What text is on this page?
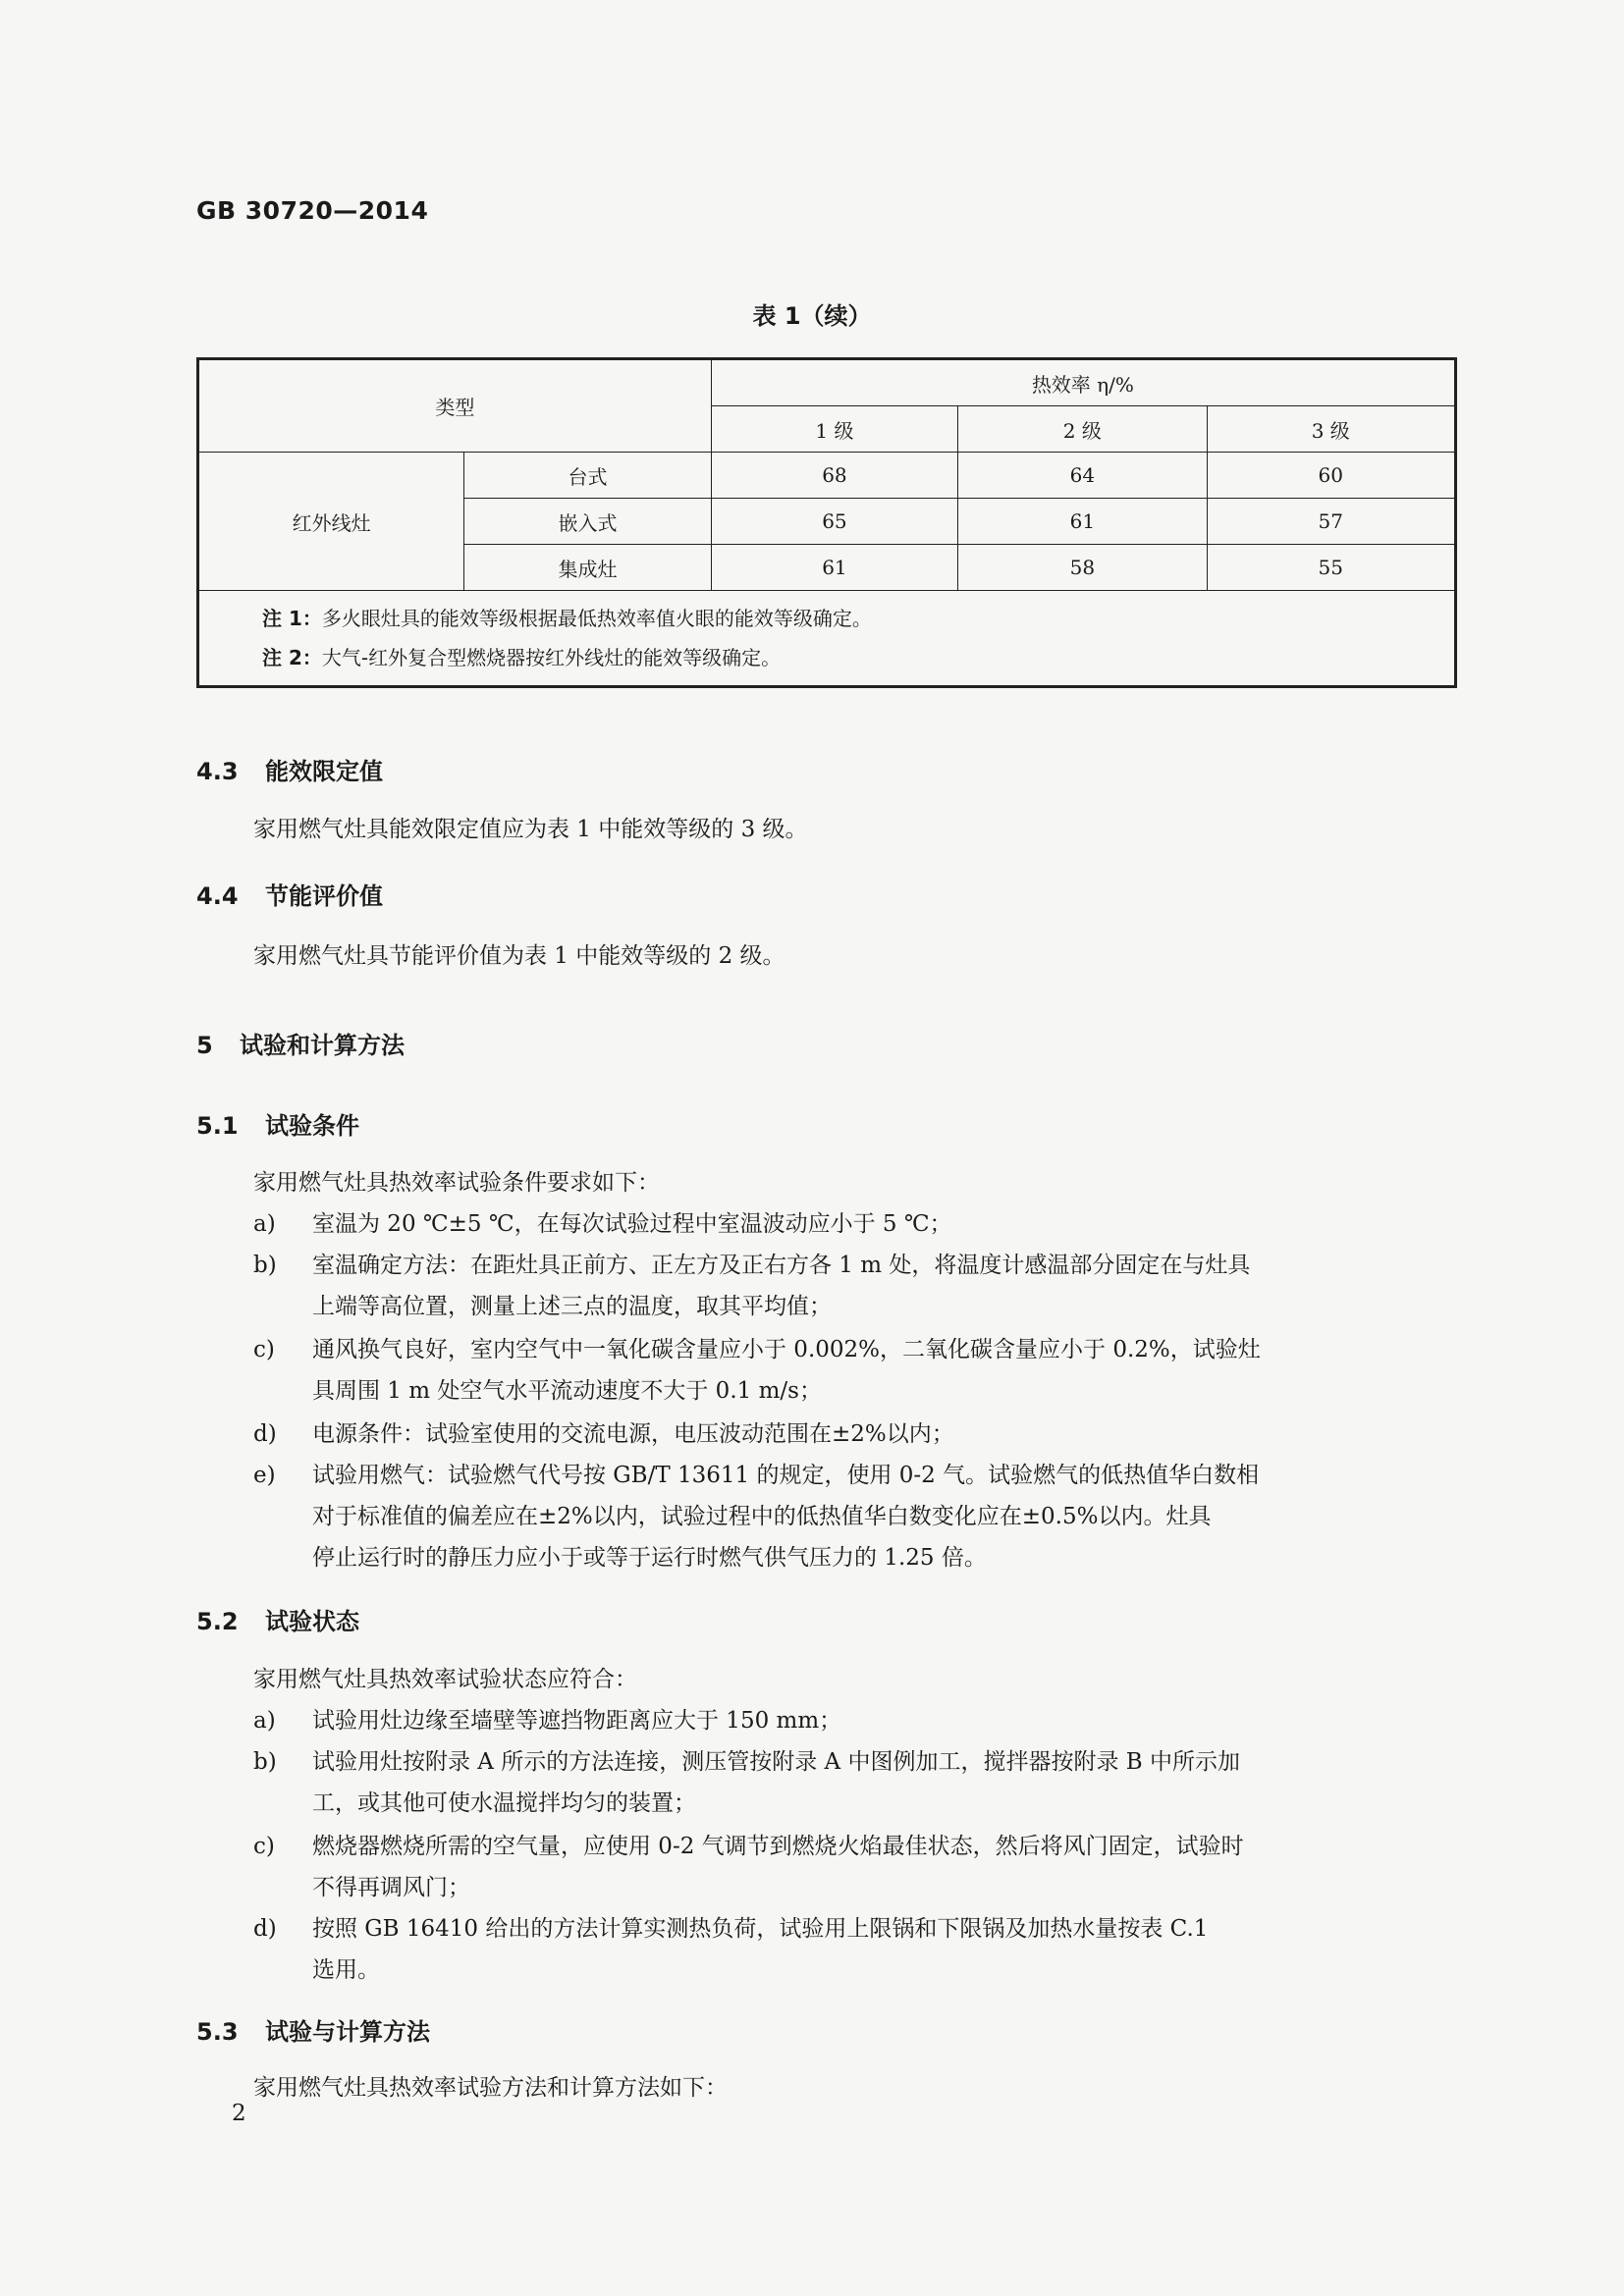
GB 30720—2014
表 1（续）
类型		热效率 η/%		
		1 级	2 级	3 级
红外线灶	台式	68	64	60
	嵌入式	65	61	57
	集成灶	61	58	55

注 1：多火眼灶具的能效等级根据最低热效率值火眼的能效等级确定。
注 2：大气-红外复合型燃烧器按红外线灶的能效等级确定。				
4.3 能效限定值
家用燃气灶具能效限定值应为表 1 中能效等级的 3 级。
4.4 节能评价值
家用燃气灶具节能评价值为表 1 中能效等级的 2 级。
5 试验和计算方法
5.1 试验条件
家用燃气灶具热效率试验条件要求如下：
a)	室温为 20 ℃±5 ℃，在每次试验过程中室温波动应小于 5 ℃；
b)	室温确定方法：在距灶具正前方、正左方及正右方各 1 m 处，将温度计感温部分固定在与灶具
上端等高位置，测量上述三点的温度，取其平均值；
c)	通风换气良好，室内空气中一氧化碳含量应小于 0.002%，二氧化碳含量应小于 0.2%，试验灶
具周围 1 m 处空气水平流动速度不大于 0.1 m/s；
d)	电源条件：试验室使用的交流电源，电压波动范围在±2%以内；
e)	试验用燃气：试验燃气代号按 GB/T 13611 的规定，使用 0-2 气。试验燃气的低热值华白数相
对于标准值的偏差应在±2%以内，试验过程中的低热值华白数变化应在±0.5%以内。灶具
停止运行时的静压力应小于或等于运行时燃气供气压力的 1.25 倍。
5.2 试验状态
家用燃气灶具热效率试验状态应符合：
a)	试验用灶边缘至墙壁等遮挡物距离应大于 150 mm；
b)	试验用灶按附录 A 所示的方法连接，测压管按附录 A 中图例加工，搅拌器按附录 B 中所示加
工，或其他可使水温搅拌均匀的装置；
c)	燃烧器燃烧所需的空气量，应使用 0-2 气调节到燃烧火焰最佳状态，然后将风门固定，试验时
不得再调风门；
d)	按照 GB 16410 给出的方法计算实测热负荷，试验用上限锅和下限锅及加热水量按表 C.1
选用。
5.3 试验与计算方法
家用燃气灶具热效率试验方法和计算方法如下：
2
